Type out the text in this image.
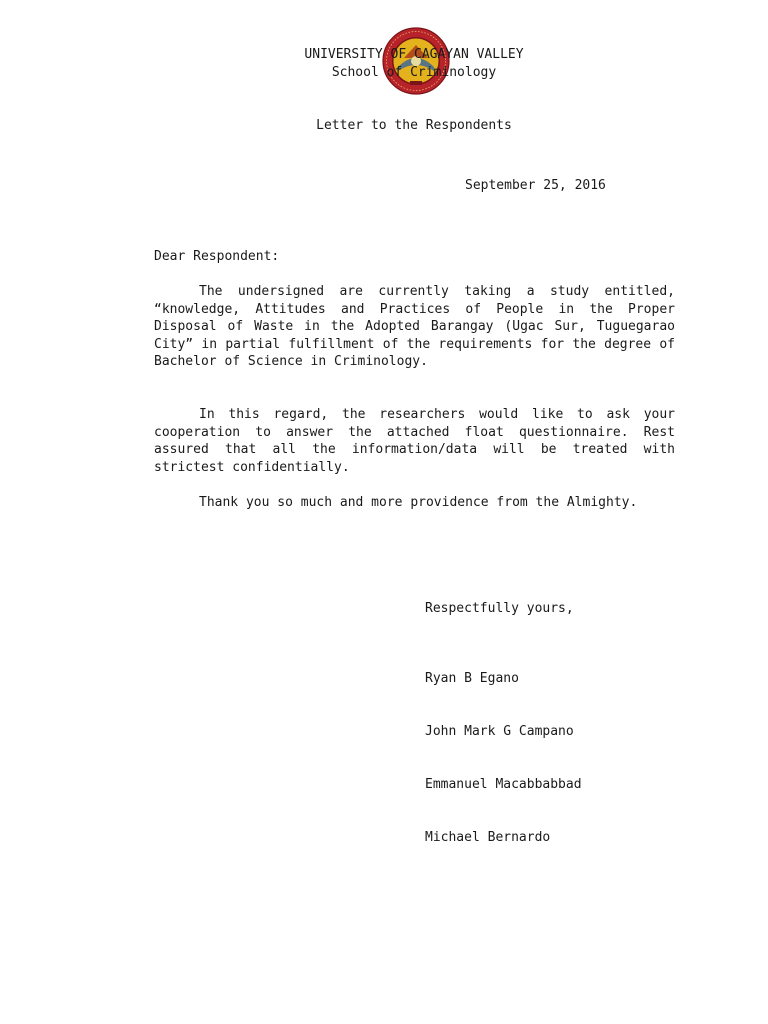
UNIVERSITY OF CAGAYAN VALLEY
School of Criminology
Letter to the Respondents
September 25, 2016
Dear Respondent:

The undersigned are currently taking a study entitled, “knowledge, Attitudes and Practices of People in the Proper Disposal of Waste in the Adopted Barangay (Ugac Sur, Tuguegarao City” in partial fulfillment of the requirements for the degree of Bachelor of Science in Criminology.

In this regard, the researchers would like to ask your cooperation to answer the attached float questionnaire. Rest assured that all the information/data will be treated with strictest confidentially.

Thank you so much and more providence from the Almighty.

Respectfully yours,
Ryan B Egano
John Mark G Campano
Emmanuel Macabbabbad
Michael Bernardo
